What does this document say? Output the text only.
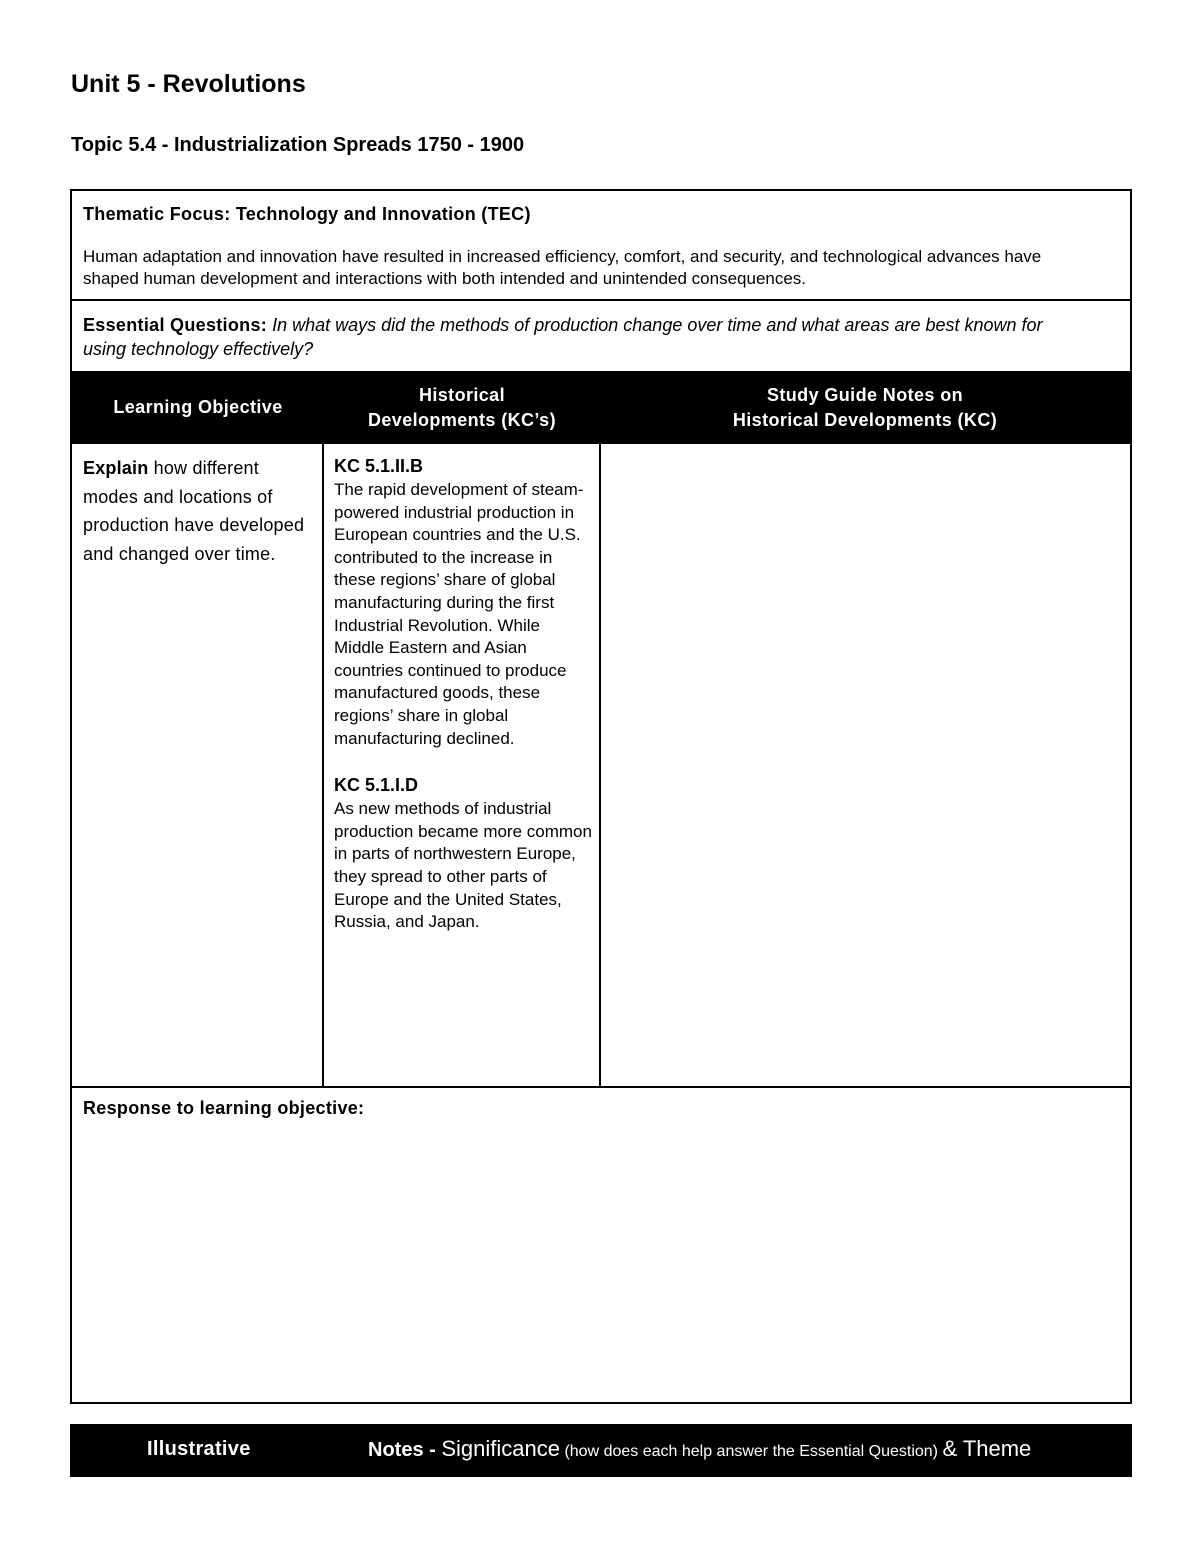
Unit 5 - Revolutions
Topic 5.4 - Industrialization Spreads 1750 - 1900
Thematic Focus: Technology and Innovation (TEC)
Human adaptation and innovation have resulted in increased efficiency, comfort, and security, and technological advances have shaped human development and interactions with both intended and unintended consequences.
Essential Questions: In what ways did the methods of production change over time and what areas are best known for using technology effectively?
Learning Objective
Historical
Developments (KC’s)
Study Guide Notes on
Historical Developments (KC)
Explain how different modes and locations of production have developed and changed over time.
KC 5.1.II.B

The rapid development of steam-powered industrial production in European countries and the U.S. contributed to the increase in these regions’ share of global manufacturing during the first Industrial Revolution. While Middle Eastern and Asian countries continued to produce manufactured goods, these regions’ share in global manufacturing declined.

KC 5.1.I.D

As new methods of industrial production became more common in parts of northwestern Europe, they spread to other parts of Europe and the United States, Russia, and Japan.

Response to learning objective:
Illustrative	Notes - Significance (how does each help answer the Essential Question) & Theme
